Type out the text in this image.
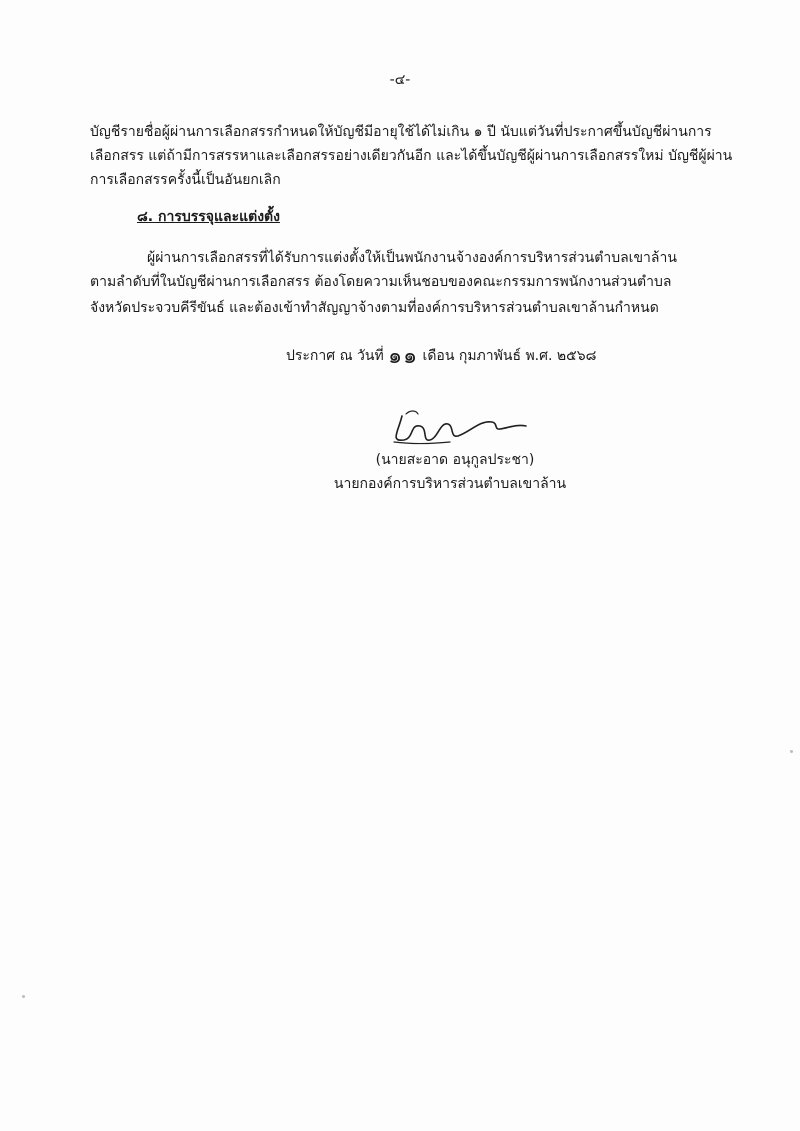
-๔-
บัญชีรายชื่อผู้ผ่านการเลือกสรรกำหนดให้บัญชีมีอายุใช้ได้ไม่เกิน ๑ ปี นับแต่วันที่ประกาศขึ้นบัญชีผ่านการ
เลือกสรร แต่ถ้ามีการสรรหาและเลือกสรรอย่างเดียวกันอีก และได้ขึ้นบัญชีผู้ผ่านการเลือกสรรใหม่ บัญชีผู้ผ่าน
การเลือกสรรครั้งนี้เป็นอันยกเลิก
๘. การบรรจุและแต่งตั้ง
ผู้ผ่านการเลือกสรรที่ได้รับการแต่งตั้งให้เป็นพนักงานจ้างองค์การบริหารส่วนตำบลเขาล้าน
ตามลำดับที่ในบัญชีผ่านการเลือกสรร ต้องโดยความเห็นชอบของคณะกรรมการพนักงานส่วนตำบล
จังหวัดประจวบคีรีขันธ์ และต้องเข้าทำสัญญาจ้างตามที่องค์การบริหารส่วนตำบลเขาล้านกำหนด
ประกาศ ณ วันที่ ๑๑ เดือน กุมภาพันธ์ พ.ศ. ๒๕๖๘
(นายสะอาด อนุกูลประชา)
นายกองค์การบริหารส่วนตำบลเขาล้าน
